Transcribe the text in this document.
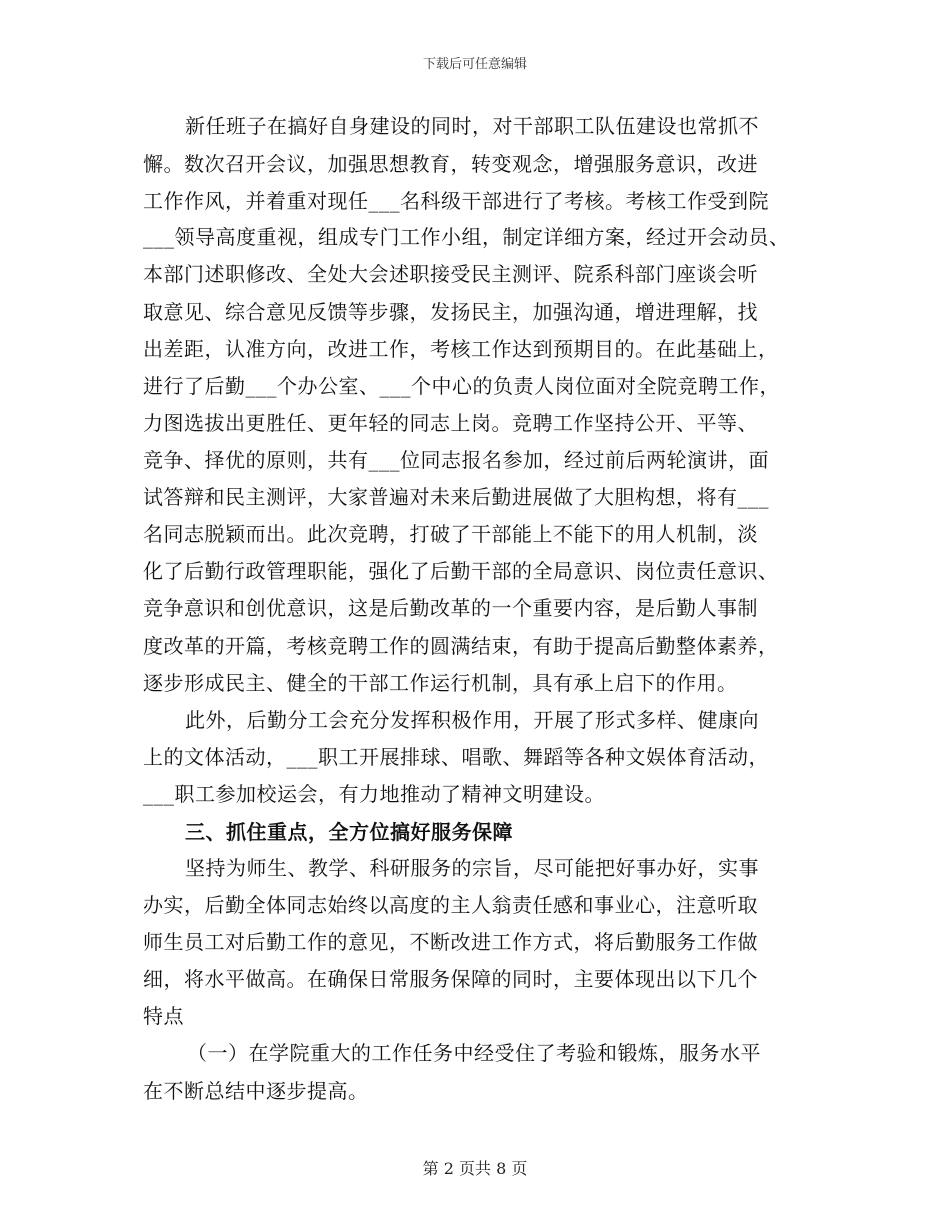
下载后可任意编辑
新任班子在搞好自身建设的同时，对干部职工队伍建设也常抓不
懈。数次召开会议，加强思想教育，转变观念，增强服务意识，改进
工作作风，并着重对现任___名科级干部进行了考核。考核工作受到院
___领导高度重视，组成专门工作小组，制定详细方案，经过开会动员、
本部门述职修改、全处大会述职接受民主测评、院系科部门座谈会听
取意见、综合意见反馈等步骤，发扬民主，加强沟通，增进理解，找
出差距，认准方向，改进工作，考核工作达到预期目的。在此基础上，
进行了后勤___个办公室、___个中心的负责人岗位面对全院竞聘工作，
力图选拔出更胜任、更年轻的同志上岗。竞聘工作坚持公开、平等、
竞争、择优的原则，共有___位同志报名参加，经过前后两轮演讲，面
试答辩和民主测评，大家普遍对未来后勤进展做了大胆构想，将有___
名同志脱颖而出。此次竞聘，打破了干部能上不能下的用人机制，淡
化了后勤行政管理职能，强化了后勤干部的全局意识、岗位责任意识、
竞争意识和创优意识，这是后勤改革的一个重要内容，是后勤人事制
度改革的开篇，考核竞聘工作的圆满结束，有助于提高后勤整体素养，
逐步形成民主、健全的干部工作运行机制，具有承上启下的作用。
此外，后勤分工会充分发挥积极作用，开展了形式多样、健康向
上的文体活动，___职工开展排球、唱歌、舞蹈等各种文娱体育活动，
___职工参加校运会，有力地推动了精神文明建设。
三、抓住重点，全方位搞好服务保障
坚持为师生、教学、科研服务的宗旨，尽可能把好事办好，实事
办实，后勤全体同志始终以高度的主人翁责任感和事业心，注意听取
师生员工对后勤工作的意见，不断改进工作方式，将后勤服务工作做
细，将水平做高。在确保日常服务保障的同时，主要体现出以下几个
特点
（一）在学院重大的工作任务中经受住了考验和锻炼，服务水平
在不断总结中逐步提高。
第 2 页共 8 页
